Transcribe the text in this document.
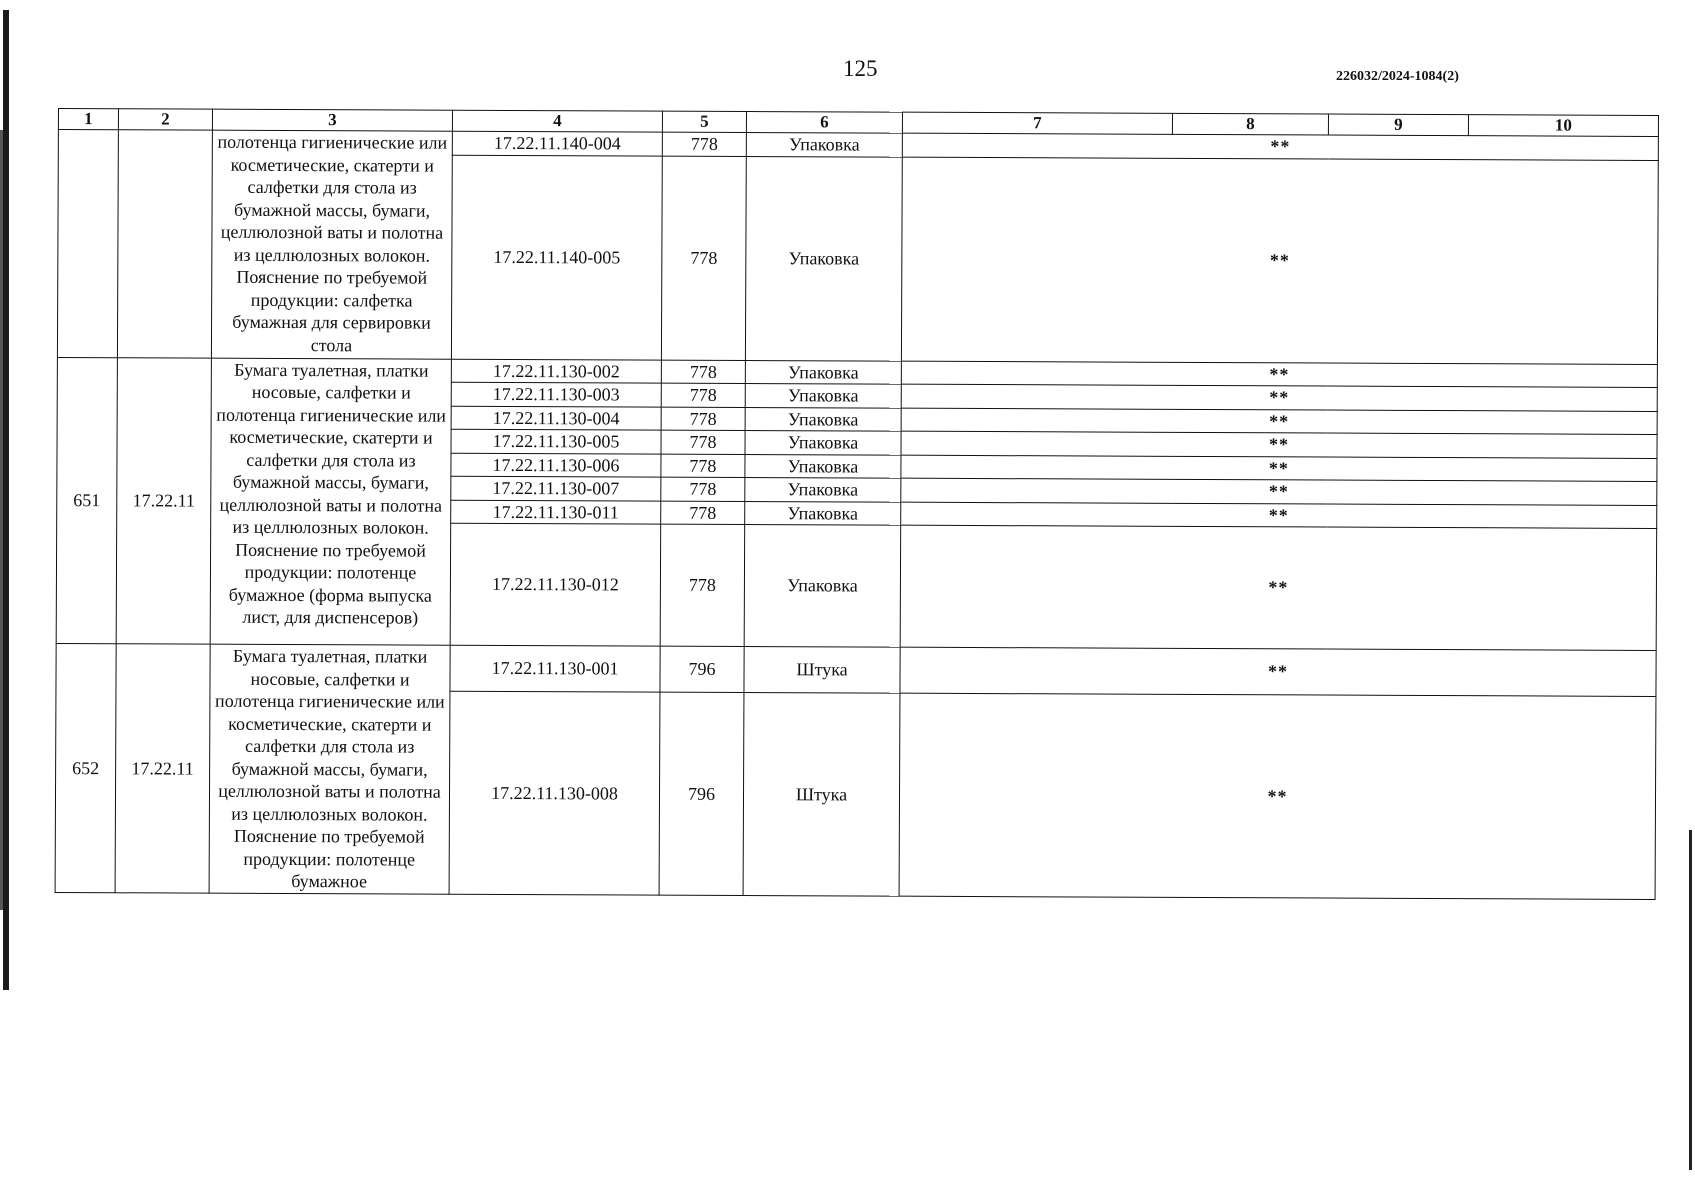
125	226032/2024-1084(2)
1	2	3	4	5	6	7	8	9	10
		полотенца гигиенические или косметические, скатерти и салфетки для стола из бумажной массы, бумаги, целлюлозной ваты и полотна из целлюлозных волокон. Пояснение по требуемой продукции: салфетка бумажная для сервировки стола	17.22.11.140-004	778	Упаковка	**			
			17.22.11.140-005	778	Упаковка	**			
651	17.22.11	Бумага туалетная, платки носовые, салфетки и полотенца гигиенические или косметические, скатерти и салфетки для стола из бумажной массы, бумаги, целлюлозной ваты и полотна из целлюлозных волокон. Пояснение по требуемой продукции: полотенце бумажное (форма выпуска лист, для диспенсеров)	17.22.11.130-002	778	Упаковка	**			
			17.22.11.130-003	778	Упаковка	**			
			17.22.11.130-004	778	Упаковка	**			
			17.22.11.130-005	778	Упаковка	**			
			17.22.11.130-006	778	Упаковка	**			
			17.22.11.130-007	778	Упаковка	**			
			17.22.11.130-011	778	Упаковка	**			
			17.22.11.130-012	778	Упаковка	**			
652	17.22.11	Бумага туалетная, платки носовые, салфетки и полотенца гигиенические или косметические, скатерти и салфетки для стола из бумажной массы, бумаги, целлюлозной ваты и полотна из целлюлозных волокон. Пояснение по требуемой продукции: полотенце бумажное	17.22.11.130-001	796	Штука	**			
			17.22.11.130-008	796	Штука	**			
